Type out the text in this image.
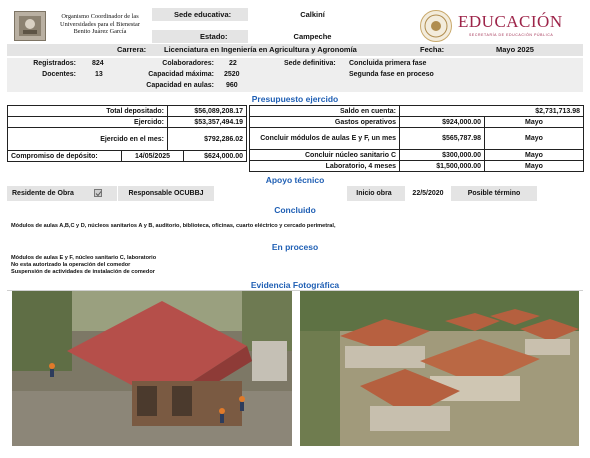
Organismo Coordinador de las
Universidades para el Bienestar
Benito Juárez García
Sede educativa:	Calkiní
Estado:	Campeche
EDUCACIÓN
SECRETARÍA DE EDUCACIÓN PÚBLICA
Carrera: Licenciatura en Ingeniería en Agricultura y Agronomía	Fecha:	Mayo 2025
Registrados: 824
Docentes:	13
Colaboradores: 22
Capacidad máxima: 2520
Capacidad en aulas: 960
Sede definitiva: Concluida primera fase
Segunda fase en proceso
Presupuesto ejercido
Total depositado:	$56,089,208.17
Ejercido:	$53,357,494.19
Ejercido en el mes:	$792,286.02
Compromiso de depósito:	14/05/2025	$624,000.00
Saldo en cuenta:	$2,731,713.98	
Gastos operativos	$924,000.00	Mayo
Concluir módulos de aulas E y F, un mes	$565,787.98	Mayo
Concluir núcleo sanitario C	$300,000.00	Mayo
Laboratorio, 4 meses	$1,500,000.00	Mayo
Apoyo técnico
Residente de Obra	Responsable OCUBBJ	Inicio obra	22/5/2020	Posible término
Concluido
Módulos de aulas A,B,C y D, núcleos sanitarios A y B, auditorio, biblioteca, oficinas, cuarto eléctrico y cercado perimetral,
En proceso
Módulos de aulas E y F, núcleo sanitario C, laboratorio
No esta autorizado la operación del comedor
Suspensión de actividades de instalación de comedor
Evidencia Fotográfica
